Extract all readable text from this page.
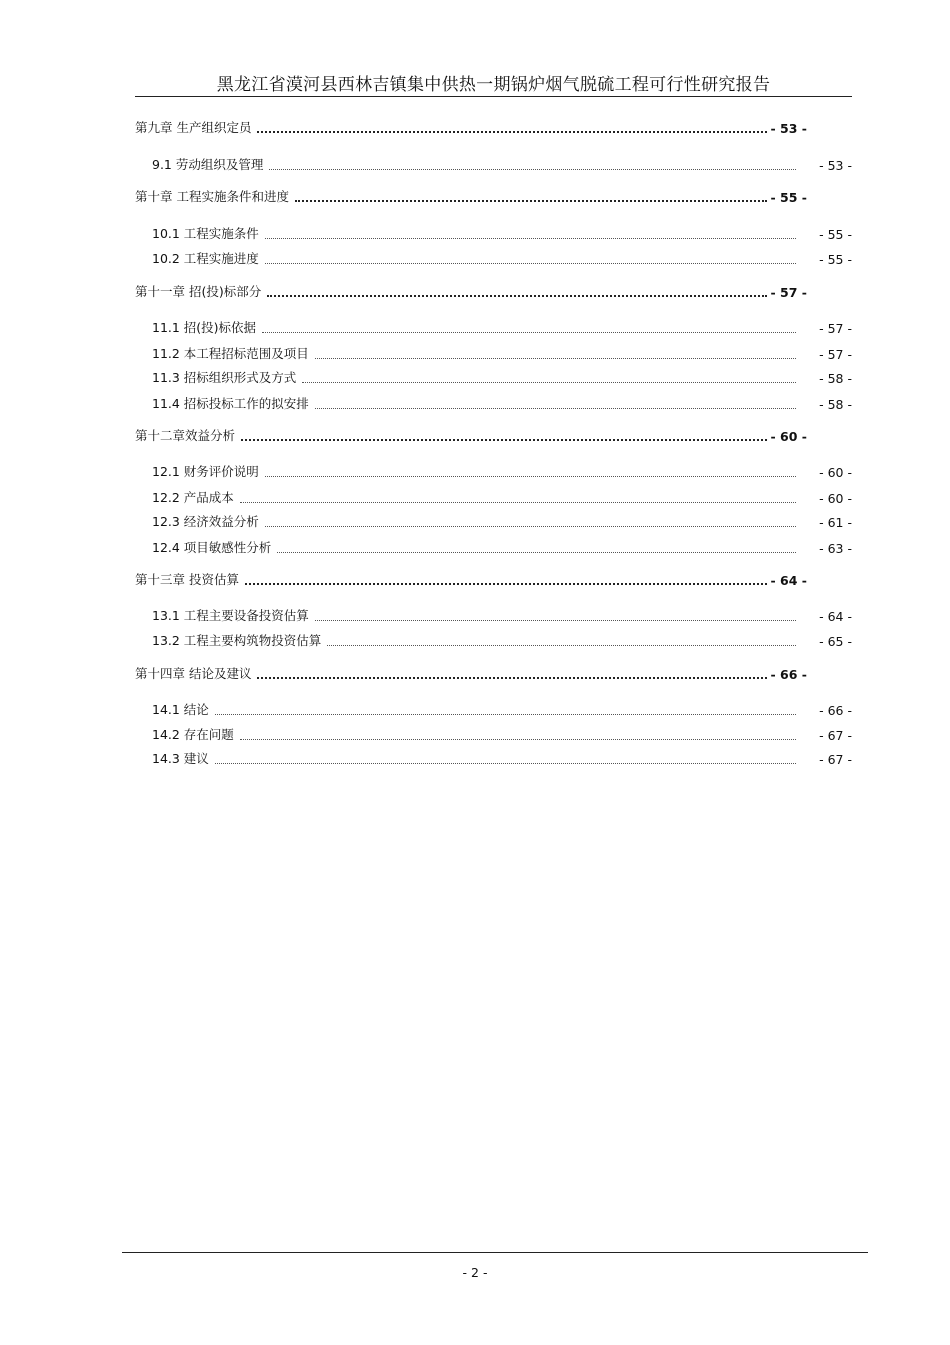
黑龙江省漠河县西林吉镇集中供热一期锅炉烟气脱硫工程可行性研究报告
第九章 生产组织定员	- 53 -
9.1 劳动组织及管理	- 53 -
第十章 工程实施条件和进度	- 55 -
10.1 工程实施条件	- 55 -
10.2 工程实施进度	- 55 -
第十一章 招(投)标部分	- 57 -
11.1 招(投)标依据	- 57 -
11.2 本工程招标范围及项目	- 57 -
11.3 招标组织形式及方式	- 58 -
11.4 招标投标工作的拟安排	- 58 -
第十二章效益分析	- 60 -
12.1 财务评价说明	- 60 -
12.2 产品成本	- 60 -
12.3 经济效益分析	- 61 -
12.4 项目敏感性分析	- 63 -
第十三章 投资估算	- 64 -
13.1 工程主要设备投资估算	- 64 -
13.2 工程主要构筑物投资估算	- 65 -
第十四章 结论及建议	- 66 -
14.1 结论	- 66 -
14.2 存在问题	- 67 -
14.3 建议	- 67 -
- 2 -
